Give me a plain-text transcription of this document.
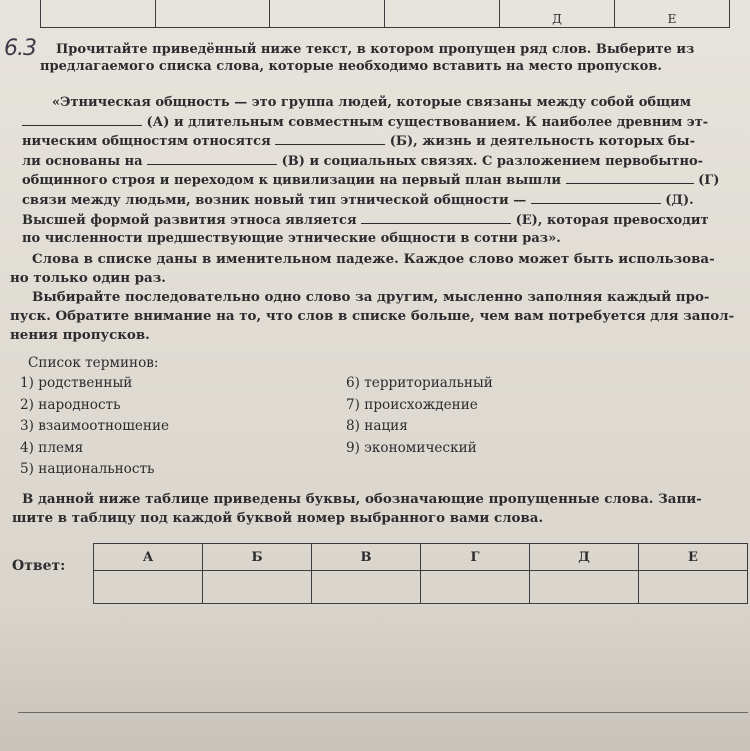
				Д	Е
6.3 Прочитайте приведённый ниже текст, в котором пропущен ряд слов. Выберите из
предлагаемого списка слова, которые необходимо вставить на место пропусков.
«Этническая общность — это группа людей, которые связаны между собой общим
(А) и длительным совместным существованием. К наиболее древним эт-
ническим общностям относятся	(Б), жизнь и деятельность которых бы-
ли основаны на	(В) и социальных связях. С разложением первобытно-
общинного строя и переходом к цивилизации на первый план вышли	(Г)
связи между людьми, возник новый тип этнической общности —	(Д).
Высшей формой развития этноса является	(Е), которая превосходит
по численности предшествующие этнические общности в сотни раз».
Слова в списке даны в именительном падеже. Каждое слово может быть использова-
но только один раз.
Выбирайте последовательно одно слово за другим, мысленно заполняя каждый про-
пуск. Обратите внимание на то, что слов в списке больше, чем вам потребуется для запол-
нения пропусков.
Список терминов:
1) родственный
2) народность
3) взаимоотношение
4) племя
5) национальность
6) территориальный
7) происхождение
8) нация
9) экономический
В данной ниже таблице приведены буквы, обозначающие пропущенные слова. Запи-
шите в таблицу под каждой буквой номер выбранного вами слова.
Ответ:
А	Б	В	Г	Д	Е
